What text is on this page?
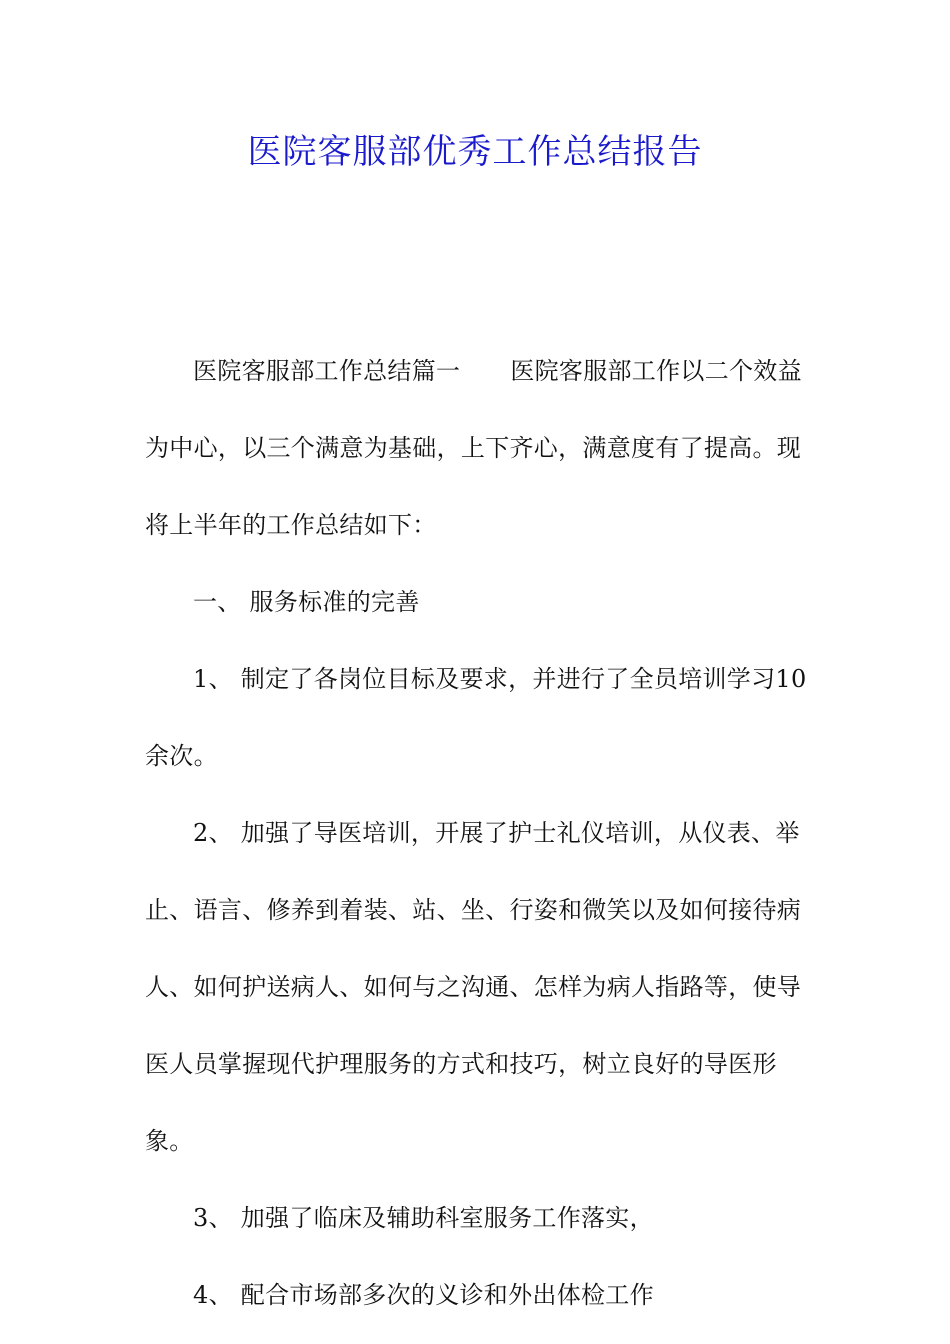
医院客服部优秀工作总结报告

医院客服部工作总结篇一 医院客服部工作以二个效益为中心，以三个满意为基础，上下齐心，满意度有了提高。现将上半年的工作总结如下：

一、 服务标准的完善

1、 制定了各岗位目标及要求，并进行了全员培训学习10余次。

2、 加强了导医培训，开展了护士礼仪培训，从仪表、举止、语言、修养到着装、站、坐、行姿和微笑以及如何接待病人、如何护送病人、如何与之沟通、怎样为病人指路等，使导医人员掌握现代护理服务的方式和技巧，树立良好的导医形象。

3、 加强了临床及辅助科室服务工作落实，

4、 配合市场部多次的义诊和外出体检工作
